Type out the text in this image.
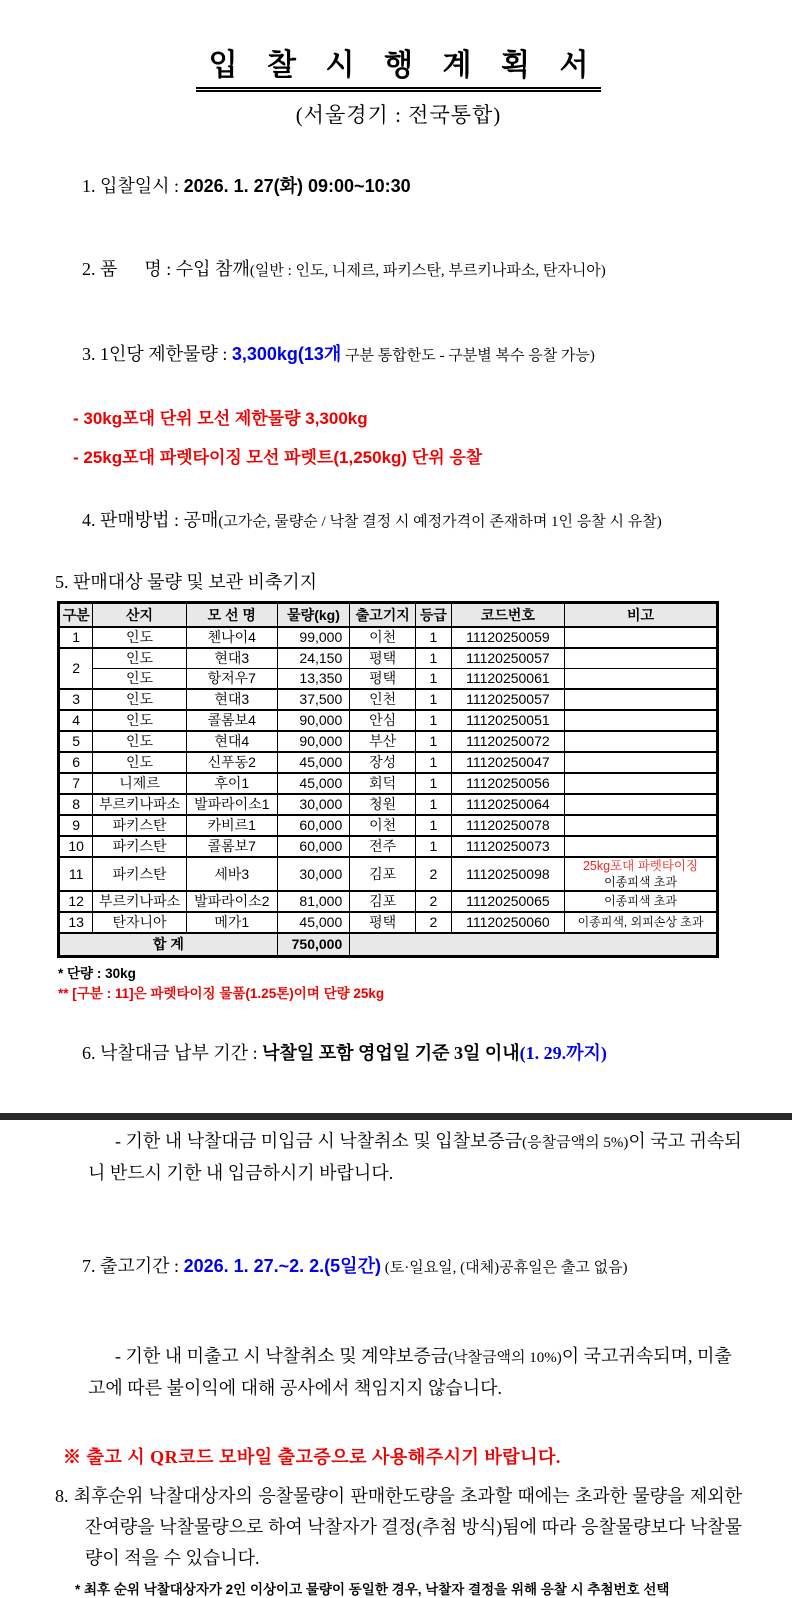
입 찰 시 행 계 획 서
(서울경기 : 전국통합)

1. 입찰일시 : 2026. 1. 27(화) 09:00~10:30

2. 품      명 : 수입 참깨(일반 : 인도, 니제르, 파키스탄, 부르키나파소, 탄자니아)

3. 1인당 제한물량 : 3,300kg(13개 구분 통합한도 - 구분별 복수 응찰 가능)

- 30kg포대 단위 모선 제한물량 3,300kg
- 25kg포대 파렛타이징 모선 파렛트(1,250kg) 단위 응찰

4. 판매방법 : 공매(고가순, 물량순 / 낙찰 결정 시 예정가격이 존재하며 1인 응찰 시 유찰)

5. 판매대상 물량 및 보관 비축기지
구분	산지	모 선 명	물량(kg)	출고기지	등급	코드번호	비고
1	인도	첸나이4	99,000	이천	1	11120250059	
2	인도	현대3	24,150	평택	1	11120250057	
	인도	항저우7	13,350	평택	1	11120250061	
3	인도	현대3	37,500	인천	1	11120250057	
4	인도	콜롬보4	90,000	안심	1	11120250051	
5	인도	현대4	90,000	부산	1	11120250072	
6	인도	신푸동2	45,000	장성	1	11120250047	
7	니제르	후이1	45,000	회덕	1	11120250056	
8	부르키나파소	발파라이소1	30,000	청원	1	11120250064	
9	파키스탄	카비르1	60,000	이천	1	11120250078	
10	파키스탄	콜롬보7	60,000	전주	1	11120250073	
11	파키스탄	세바3	30,000	김포	2	11120250098	25kg포대 파렛타이징
이종피색 초과

12	부르키나파소	발파라이소2	81,000	김포	2	11120250065	이종피색 초과
13	탄자니아	메가1	45,000	평택	2	11120250060	이종피색, 외피손상 초과
합 계			750,000				
* 단량 : 30kg
** [구분 : 11]은 파렛타이징 물품(1.25톤)이며 단량 25kg

6. 낙찰대금 납부 기간 : 낙찰일 포함 영업일 기준 3일 이내(1. 29.까지)

- 기한 내 낙찰대금 미입금 시 낙찰취소 및 입찰보증금(응찰금액의 5%)이 국고 귀속되니 반드시 기한 내 입금하시기 바랍니다.

7. 출고기간 : 2026. 1. 27.~2. 2.(5일간) (토·일요일, (대체)공휴일은 출고 없음)

- 기한 내 미출고 시 낙찰취소 및 계약보증금(낙찰금액의 10%)이 국고귀속되며, 미출고에 따른 불이익에 대해 공사에서 책임지지 않습니다.

※ 출고 시 QR코드 모바일 출고증으로 사용해주시기 바랍니다.
8. 최후순위 낙찰대상자의 응찰물량이 판매한도량을 초과할 때에는 초과한 물량을 제외한 잔여량을 낙찰물량으로 하여 낙찰자가 결정(추첨 방식)됨에 따라 응찰물량보다 낙찰물량이 적을 수 있습니다.
* 최후 순위 낙찰대상자가 2인 이상이고 물량이 동일한 경우, 낙찰자 결정을 위해 응찰 시 추첨번호 선택
